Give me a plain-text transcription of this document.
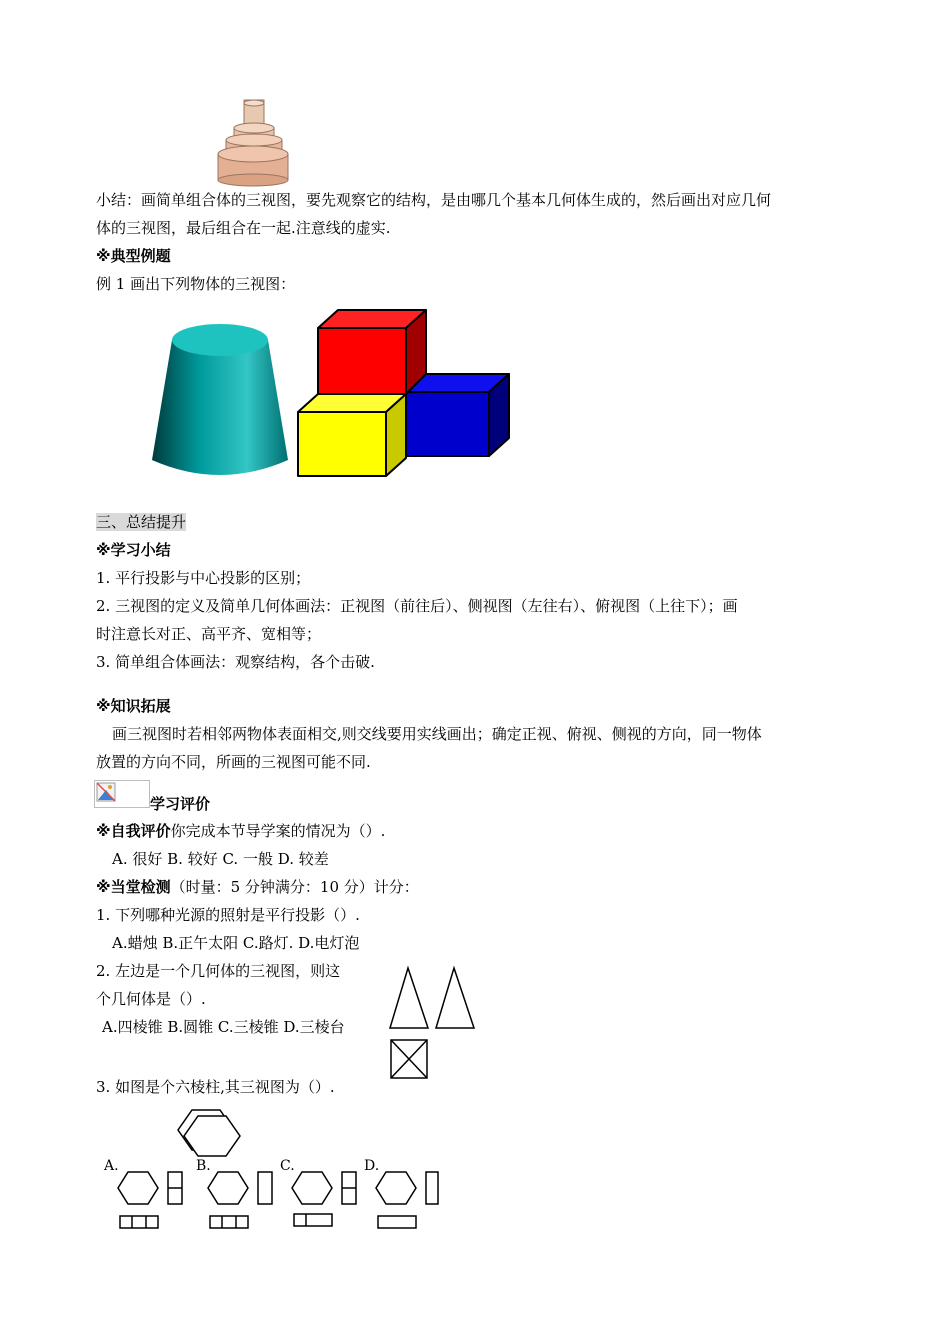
小结：画简单组合体的三视图，要先观察它的结构，是由哪几个基本几何体生成的，然后画出对应几何
体的三视图，最后组合在一起.注意线的虚实.
※典型例题
例 1 画出下列物体的三视图：
三、总结提升
※学习小结
1. 平行投影与中心投影的区别；
2. 三视图的定义及简单几何体画法：正视图（前往后）、侧视图（左往右）、俯视图（上往下）；画
时注意长对正、高平齐、宽相等；
3. 简单组合体画法：观察结构，各个击破.
※知识拓展
画三视图时若相邻两物体表面相交,则交线要用实线画出；确定正视、俯视、侧视的方向，同一物体
放置的方向不同，所画的三视图可能不同.
学习评价
※自我评价你完成本节导学案的情况为（）.
A. 很好 B. 较好 C. 一般 D. 较差
※当堂检测（时量：5 分钟满分：10 分）计分：
1. 下列哪种光源的照射是平行投影（）.
A.蜡烛 B.正午太阳 C.路灯. D.电灯泡
2. 左边是一个几何体的三视图，则这
个几何体是（）.
A.四棱锥 B.圆锥 C.三棱锥 D.三棱台
3. 如图是个六棱柱,其三视图为（）.
A.	B.	C.	D.
